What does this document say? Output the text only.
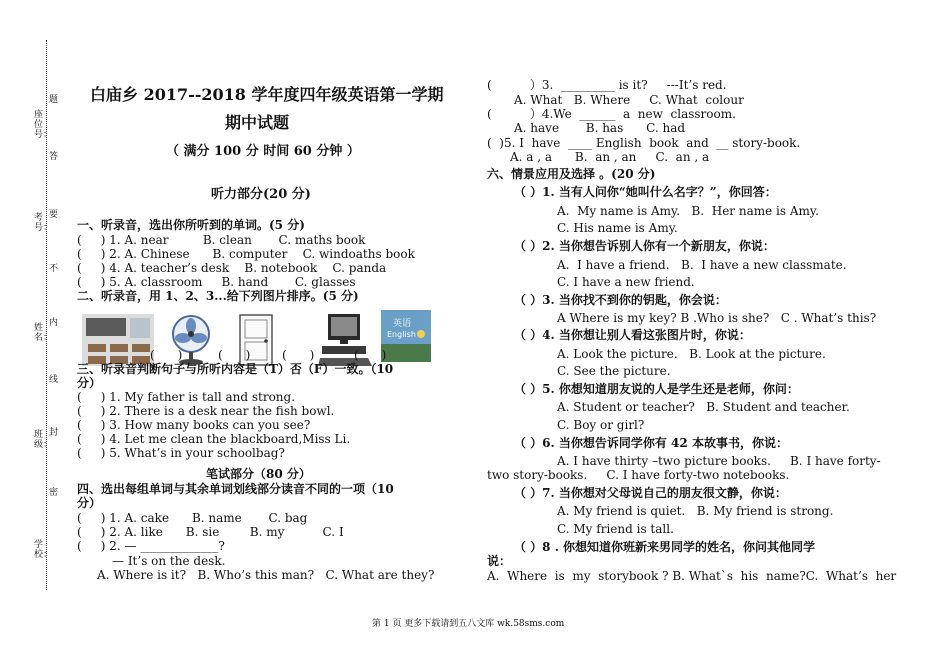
座位号：
考号：
姓名：
班级：
学校：
题
答
要
不
内
线
封
密
白庙乡 2017--2018 学年度四年级英语第一学期
期中试题
（ 满分 100 分 时间 60 分钟 ）
听力部分(20 分)
一、听录音，选出你所听到的单词。(5 分)
(     ) 1. A. near         B. clean       C. maths book
(     ) 2. A. Chinese      B. computer    C. windoaths book
(     ) 4. A. teacher’s desk    B. notebook    C. panda
(     ) 5. A. classroom     B. hand       C. glasses
二、听录音，用 1、2、3...给下列图片排序。(5 分)
英语
English
(      )	(      )	(      )	(      )
三、听录音判断句子与所听内容是（T）否（F）一致。（10
分）
(     ) 1. My father is tall and strong.
(     ) 2. There is a desk near the fish bowl.
(     ) 3. How many books can you see?
(     ) 4. Let me clean the blackboard,Miss Li.
(     ) 5. What’s in your schoolbag?
笔试部分（80 分）
四、选出每组单词与其余单词划线部分读音不同的一项（10
分）
(     ) 1. A. cake      B. name       C. bag
(     ) 2. A. like      B. sie        B. my          C. I
(     ) 2. — _____________?
— It’s on the desk.
A. Where is it?   B. Who’s this man?   C. What are they?
(          ）3.  _________ is it?     ---It’s red.
A. What   B. Where     C. What  colour
(          ）4.We  ______  a  new  classroom.
A. have       B. has      C. had
(  )5. I  have  ____ English  book  and  __ story-book.
A. a , a      B.  an , an     C.  an , a
六、情景应用及选择 。(20 分)
（ ）1. 当有人问你“她叫什么名字？”，你回答：
A.  My name is Amy.   B.  Her name is Amy.
C. His name is Amy.
（ ）2. 当你想告诉别人你有一个新朋友，你说：
A.  I have a friend.   B.  I have a new classmate.
C. I have a new friend.
（ ）3. 当你找不到你的钥匙，你会说：
A Where is my key? B .Who is she?   C . What’s this?
（ ）4. 当你想让别人看这张图片时，你说：
A. Look the picture.   B. Look at the picture.
C. See the picture.
（ ）5. 你想知道朋友说的人是学生还是老师，你问：
A. Student or teacher?   B. Student and teacher.
C. Boy or girl?
（ ）6. 当你想告诉同学你有 42 本故事书，你说：
A. I have thirty –two picture books.     B. I have forty-
two story-books.     C. I have forty-two notebooks.
（ ）7. 当你想对父母说自己的朋友很文静，你说：
A. My friend is quiet.   B. My friend is strong.
C. My friend is tall.
（ ）8 . 你想知道你班新来男同学的姓名，你问其他同学
说：
A.  Where  is  my  storybook ? B. What`s  his  name?C.  What’s  her
第 1 页 更多下载请到五八文库 wk.58sms.com
